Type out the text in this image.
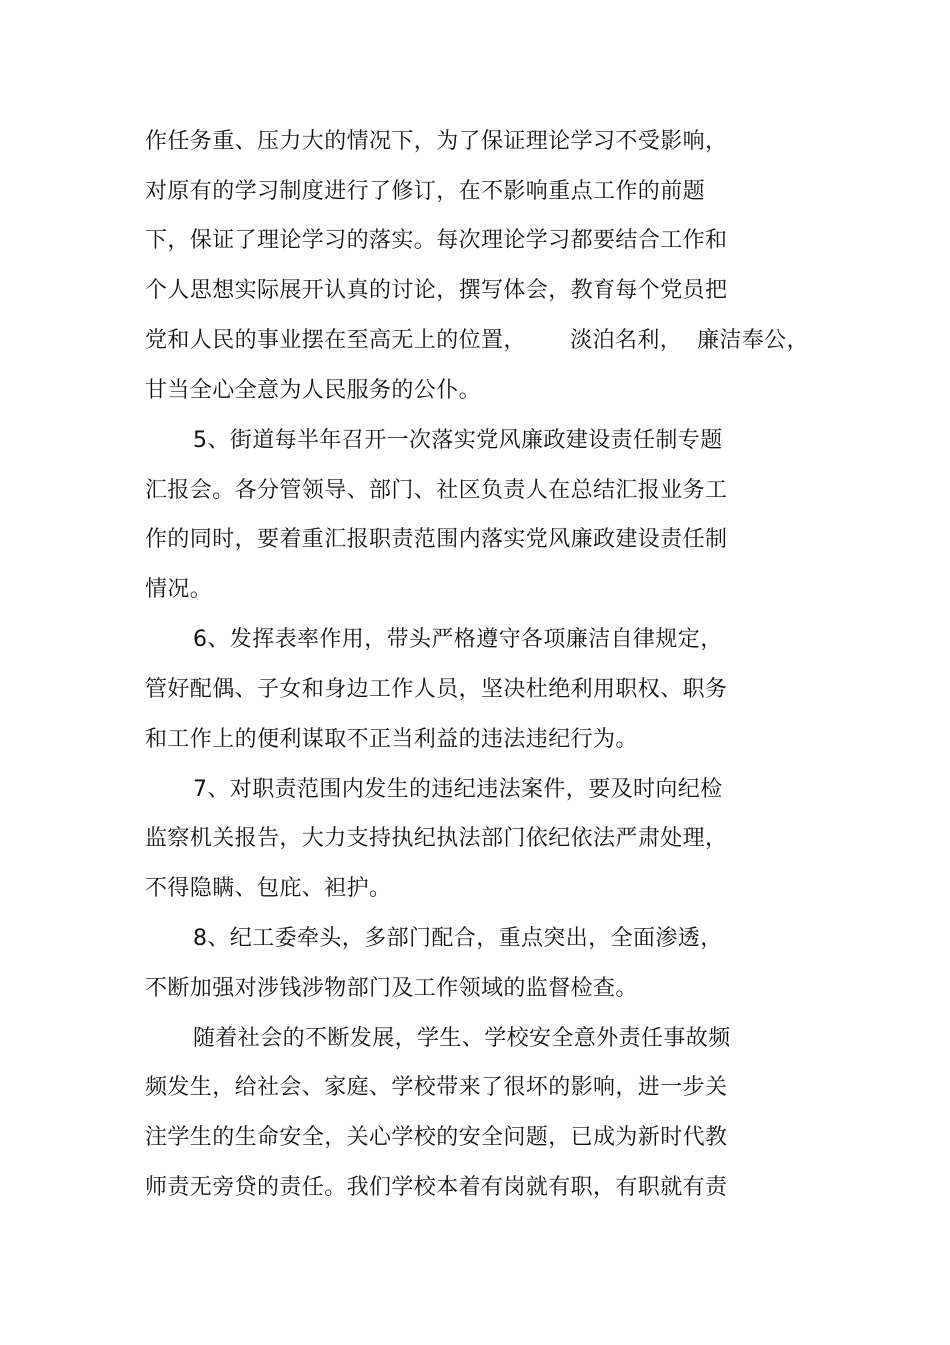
作任务重、压力大的情况下，为了保证理论学习不受影响，
对原有的学习制度进行了修订，在不影响重点工作的前题
下，保证了理论学习的落实。每次理论学习都要结合工作和
个人思想实际展开认真的讨论，撰写体会，教育每个党员把
党和人民的事业摆在至高无上的位置，      淡泊名利，  廉洁奉公，
甘当全心全意为人民服务的公仆。
5、街道每半年召开一次落实党风廉政建设责任制专题
汇报会。各分管领导、部门、社区负责人在总结汇报业务工
作的同时，要着重汇报职责范围内落实党风廉政建设责任制
情况。
6、发挥表率作用，带头严格遵守各项廉洁自律规定，
管好配偶、子女和身边工作人员，坚决杜绝利用职权、职务
和工作上的便利谋取不正当利益的违法违纪行为。
7、对职责范围内发生的违纪违法案件，要及时向纪检
监察机关报告，大力支持执纪执法部门依纪依法严肃处理，
不得隐瞒、包庇、袒护。
8、纪工委牵头，多部门配合，重点突出，全面渗透，
不断加强对涉钱涉物部门及工作领域的监督检查。
随着社会的不断发展，学生、学校安全意外责任事故频
频发生，给社会、家庭、学校带来了很坏的影响，进一步关
注学生的生命安全，关心学校的安全问题，已成为新时代教
师责无旁贷的责任。我们学校本着有岗就有职，有职就有责
